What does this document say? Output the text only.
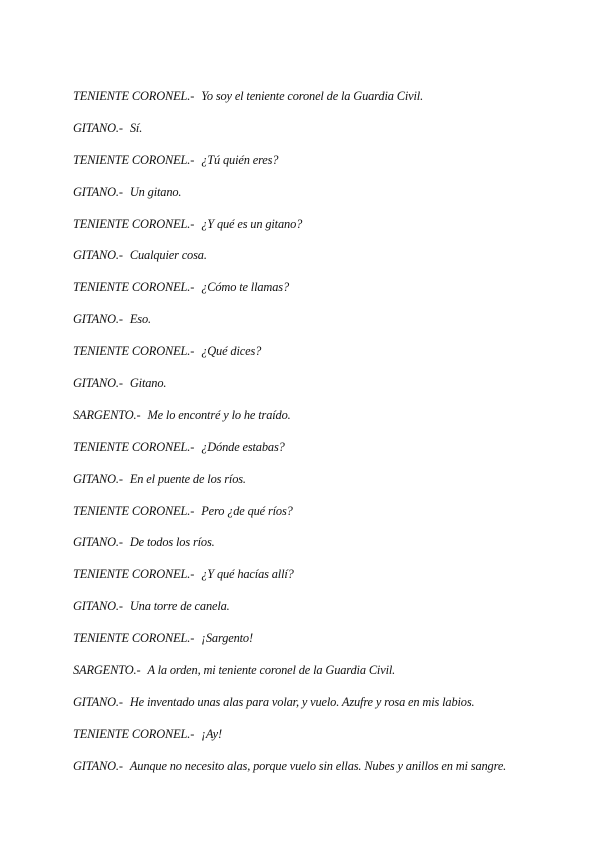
TENIENTE CORONEL.- Yo soy el teniente coronel de la Guardia Civil.
GITANO.- Sí.
TENIENTE CORONEL.- ¿Tú quién eres?
GITANO.- Un gitano.
TENIENTE CORONEL.- ¿Y qué es un gitano?
GITANO.- Cualquier cosa.
TENIENTE CORONEL.- ¿Cómo te llamas?
GITANO.- Eso.
TENIENTE CORONEL.- ¿Qué dices?
GITANO.- Gitano.
SARGENTO.- Me lo encontré y lo he traído.
TENIENTE CORONEL.- ¿Dónde estabas?
GITANO.- En el puente de los ríos.
TENIENTE CORONEL.- Pero ¿de qué ríos?
GITANO.- De todos los ríos.
TENIENTE CORONEL.- ¿Y qué hacías allí?
GITANO.- Una torre de canela.
TENIENTE CORONEL.- ¡Sargento!
SARGENTO.- A la orden, mi teniente coronel de la Guardia Civil.
GITANO.- He inventado unas alas para volar, y vuelo. Azufre y rosa en mis labios.
TENIENTE CORONEL.- ¡Ay!
GITANO.- Aunque no necesito alas, porque vuelo sin ellas. Nubes y anillos en mi sangre.
